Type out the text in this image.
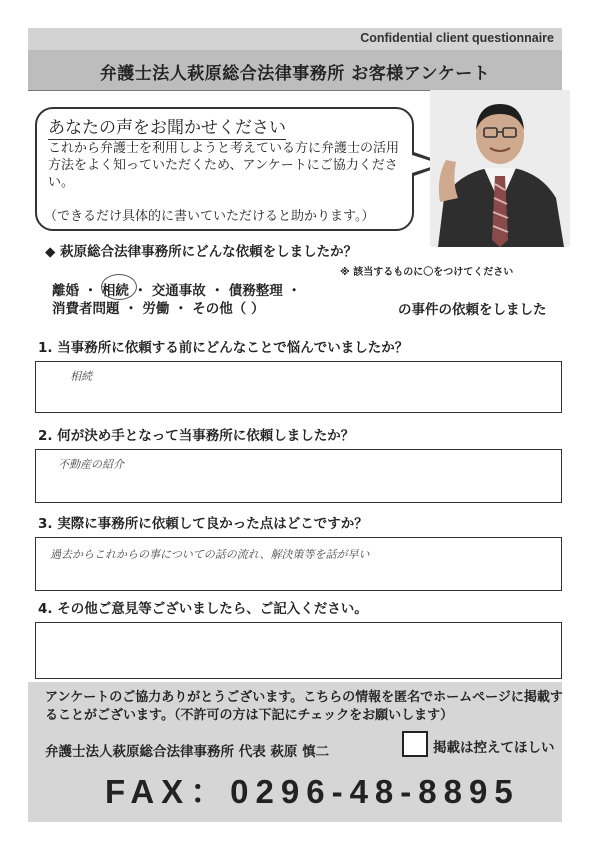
Confidential client questionnaire
弁護士法人萩原総合法律事務所 お客様アンケート
あなたの声をお聞かせください
これから弁護士を利用しようと考えている方に弁護士の活用方法をよく知っていただくため、アンケートにご協力ください。
（できるだけ具体的に書いていただけると助かります。）
◆ 萩原総合法律事務所にどんな依頼をしましたか？
※ 該当するものに〇をつけてください
離婚 ・ 相続 ・ 交通事故 ・ 債務整理 ・
消費者問題 ・ 労働 ・ その他（ ）	の事件の依頼をしました
1. 当事務所に依頼する前にどんなことで悩んでいましたか？
相続
2. 何が決め手となって当事務所に依頼しましたか？
不動産の紹介
3. 実際に事務所に依頼して良かった点はどこですか？
過去からこれからの事についての話の流れ、解決策等を話が早い
4. その他ご意見等ございましたら、ご記入ください。
アンケートのご協力ありがとうございます。こちらの情報を匿名でホームページに掲載することがございます。（不許可の方は下記にチェックをお願いします）
弁護士法人萩原総合法律事務所 代表 萩原 慎二	掲載は控えてほしい
FAX：0296-48-8895
